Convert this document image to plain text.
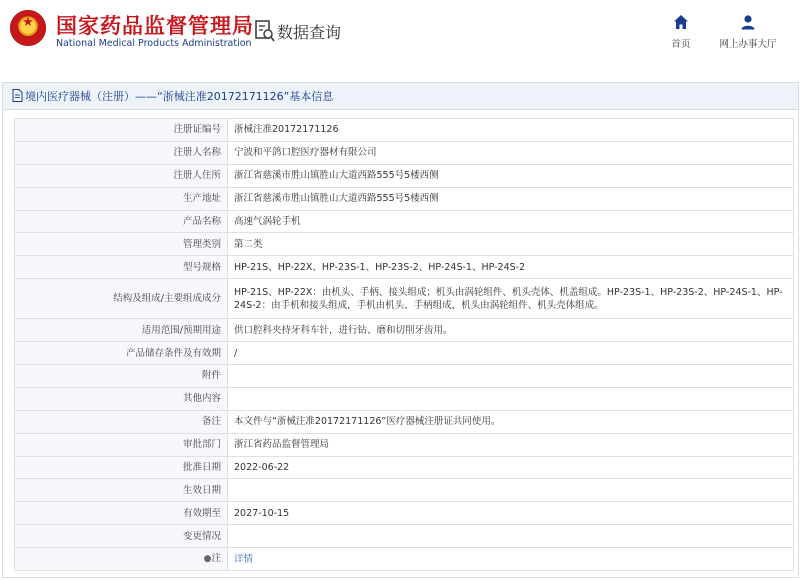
★	国家药品监督管理局
National Medical Products Administration
数据查询
首页	网上办事大厅
境内医疗器械（注册）——“浙械注准20172171126”基本信息
注册证编号	浙械注准20172171126
注册人名称	宁波和平鸽口腔医疗器材有限公司
注册人住所	浙江省慈溪市胜山镇胜山大道西路555号5楼西侧
生产地址	浙江省慈溪市胜山镇胜山大道西路555号5楼西侧
产品名称	高速气涡轮手机
管理类别	第二类
型号规格	HP-21S、HP-22X、HP-23S-1、HP-23S-2、HP-24S-1、HP-24S-2
结构及组成/主要组成成分	HP-21S、HP-22X：由机头、手柄、接头组成；机头由涡轮组件、机头壳体、机盖组成。HP-23S-1、HP-23S-2、HP-24S-1、HP-24S-2：由手机和接头组成，手机由机头、手柄组成，机头由涡轮组件、机头壳体组成。
适用范围/预期用途	供口腔科夹持牙科车针，进行钻、磨和切削牙齿用。
产品储存条件及有效期	/
附件	
其他内容	
备注	本文件与“浙械注准20172171126”医疗器械注册证共同使用。
审批部门	浙江省药品监督管理局
批准日期	2022-06-22
生效日期	
有效期至	2027-10-15
变更情况	
●注	详情
